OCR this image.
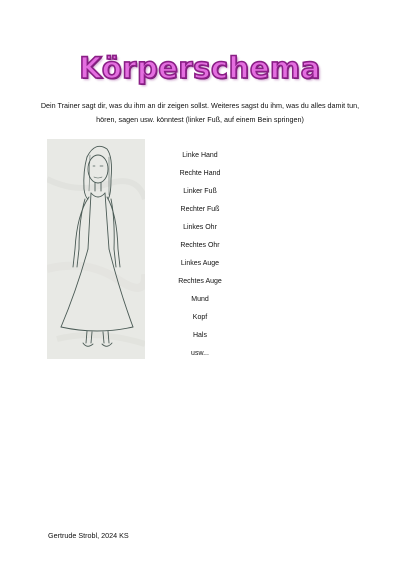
Körperschema
Dein Trainer sagt dir, was du ihm an dir zeigen sollst. Weiteres sagst du ihm, was du alles damit tun, hören, sagen usw. könntest (linker Fuß, auf einem Bein springen)
Linke Hand
Rechte Hand
Linker Fuß
Rechter Fuß
Linkes Ohr
Rechtes Ohr
Linkes Auge
Rechtes Auge
Mund
Kopf
Hals
usw...
Gertrude Strobl, 2024 KS
